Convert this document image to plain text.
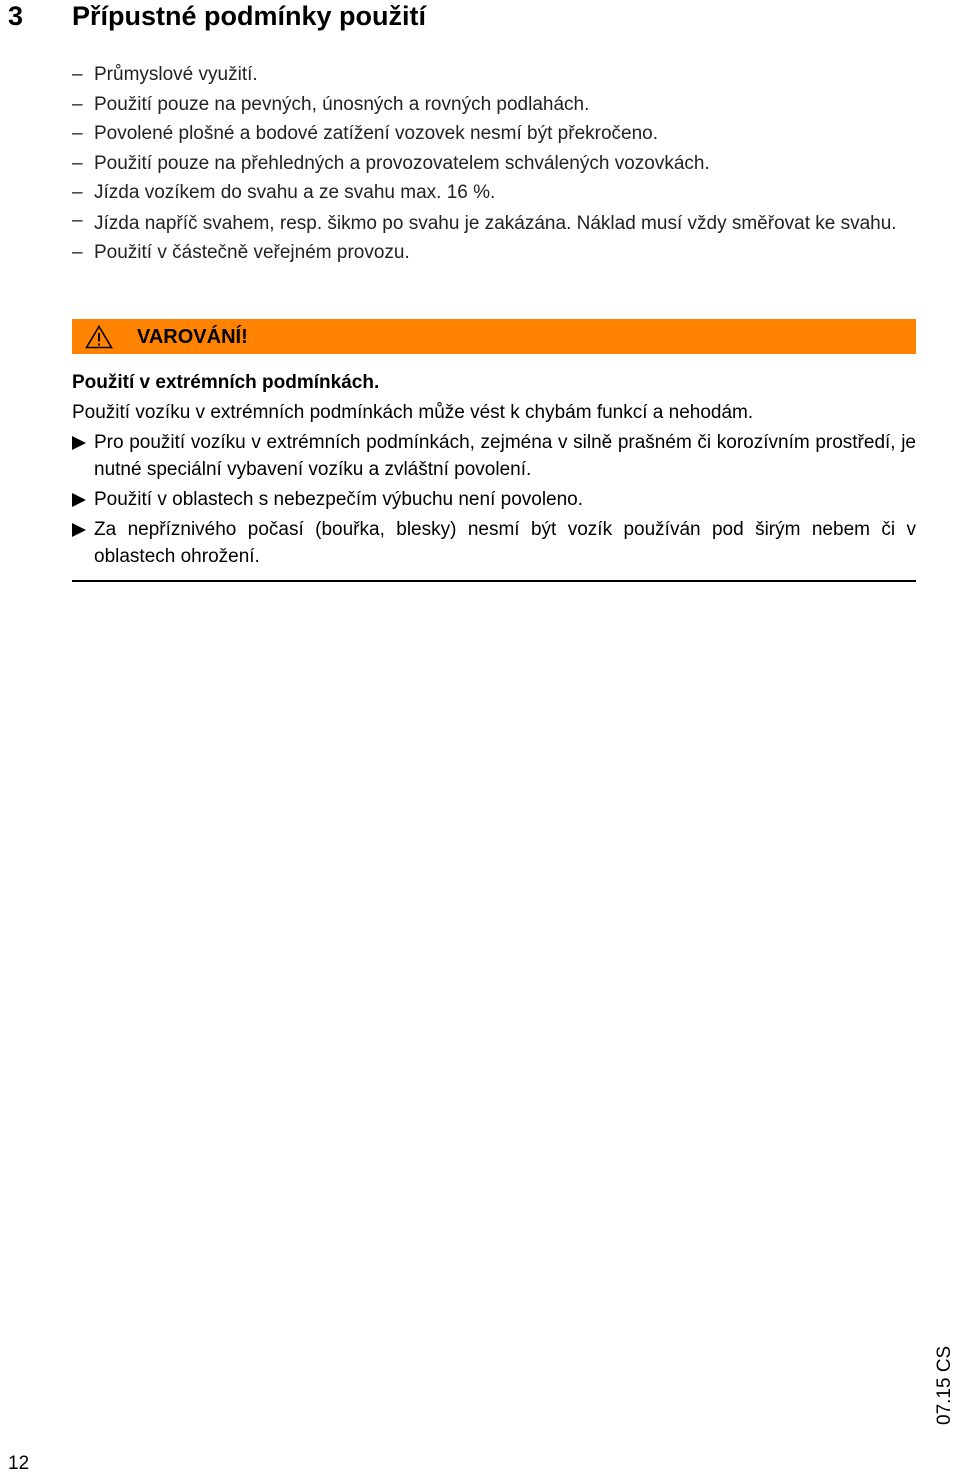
3 Přípustné podmínky použití
– Průmyslové využití.
– Použití pouze na pevných, únosných a rovných podlahách.
– Povolené plošné a bodové zatížení vozovek nesmí být překročeno.
– Použití pouze na přehledných a provozovatelem schválených vozovkách.
– Jízda vozíkem do svahu a ze svahu max. 16 %.
– Jízda napříč svahem, resp. šikmo po svahu je zakázána. Náklad musí vždy směřovat ke svahu.
– Použití v částečně veřejném provozu.
VAROVÁNÍ!
Použití v extrémních podmínkách.
Použití vozíku v extrémních podmínkách může vést k chybám funkcí a nehodám.
Pro použití vozíku v extrémních podmínkách, zejména v silně prašném či korozívním prostředí, je nutné speciální vybavení vozíku a zvláštní povolení.
Použití v oblastech s nebezpečím výbuchu není povoleno.
Za nepříznivého počasí (bouřka, blesky) nesmí být vozík používán pod širým nebem či v oblastech ohrožení.
07.15 CS
12
